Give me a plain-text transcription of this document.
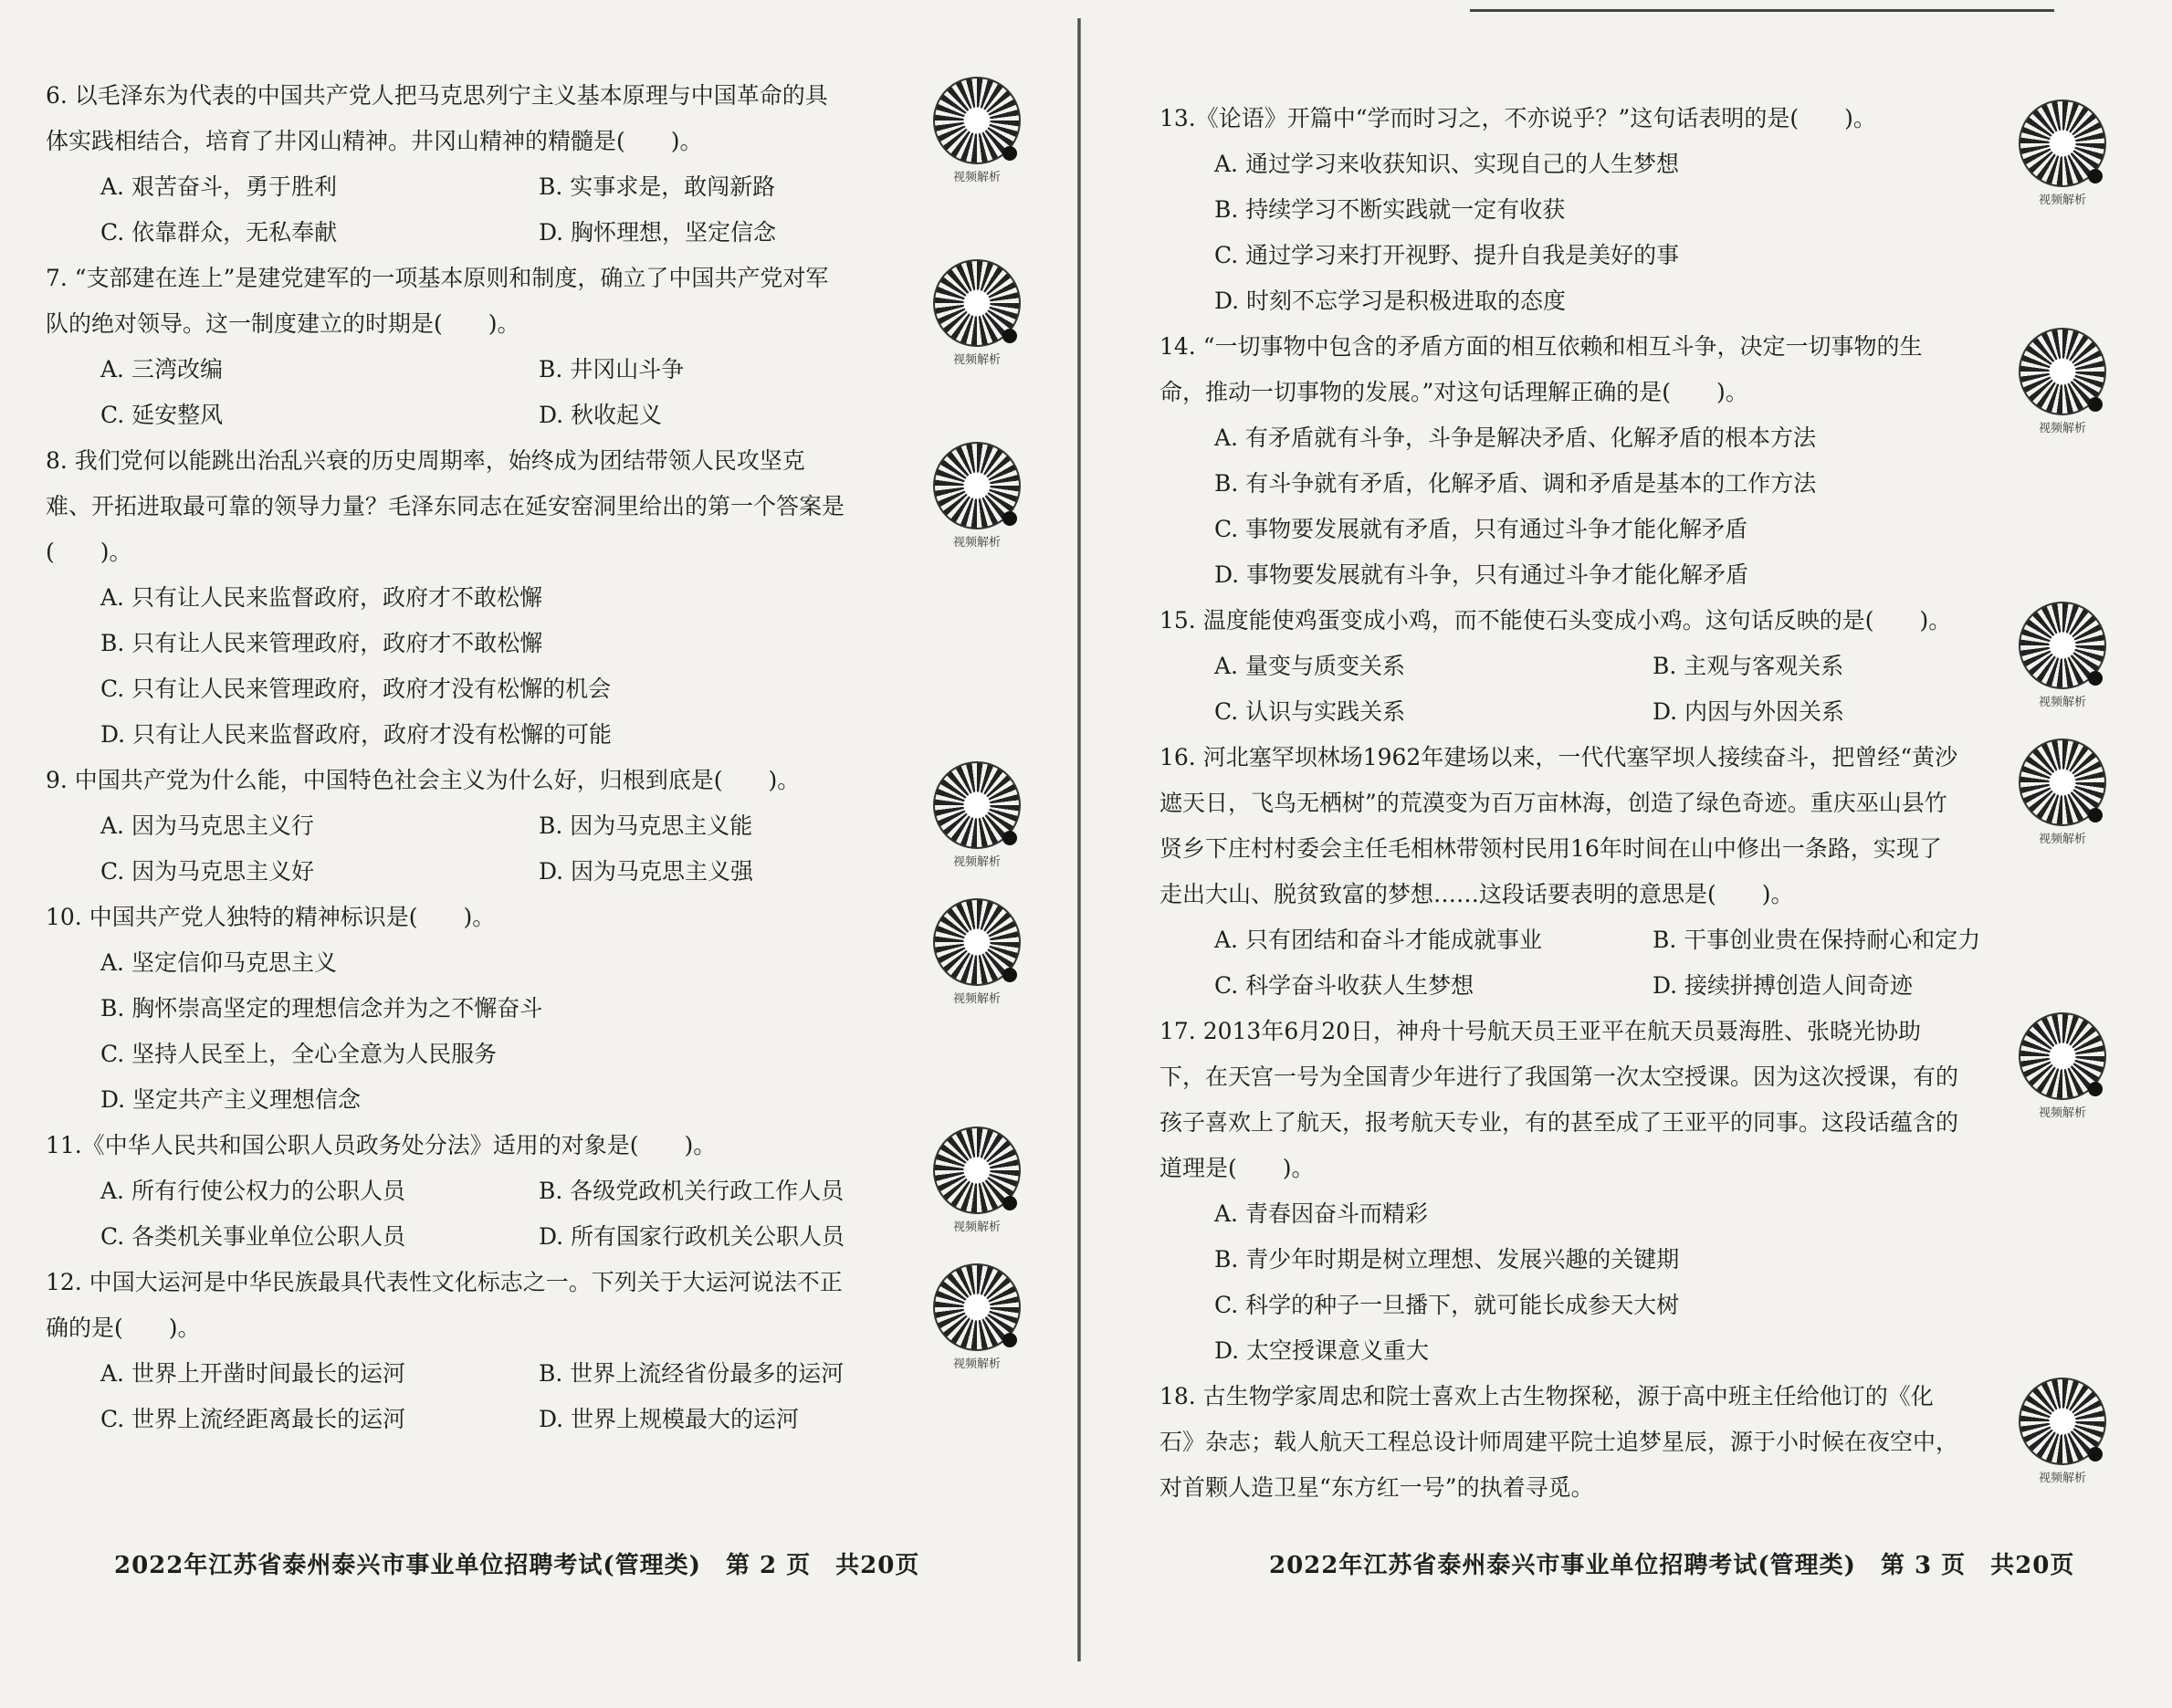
6. 以毛泽东为代表的中国共产党人把马克思列宁主义基本原理与中国革命的具体实践相结合，培育了井冈山精神。井冈山精神的精髓是(　　)。

视频解析
A. 艰苦奋斗，勇于胜利	B. 实事求是，敢闯新路
C. 依靠群众，无私奉献	D. 胸怀理想，坚定信念

7. “支部建在连上”是建党建军的一项基本原则和制度，确立了中国共产党对军队的绝对领导。这一制度建立的时期是(　　)。

视频解析
A. 三湾改编	B. 井冈山斗争
C. 延安整风	D. 秋收起义

8. 我们党何以能跳出治乱兴衰的历史周期率，始终成为团结带领人民攻坚克难、开拓进取最可靠的领导力量？毛泽东同志在延安窑洞里给出的第一个答案是(　　)。	视频解析
A. 只有让人民来监督政府，政府才不敢松懈
B. 只有让人民来管理政府，政府才不敢松懈
C. 只有让人民来管理政府，政府才没有松懈的机会
D. 只有让人民来监督政府，政府才没有松懈的可能

9. 中国共产党为什么能，中国特色社会主义为什么好，归根到底是(　　)。

视频解析
A. 因为马克思主义行	B. 因为马克思主义能
C. 因为马克思主义好	D. 因为马克思主义强

10. 中国共产党人独特的精神标识是(　　)。

视频解析
A. 坚定信仰马克思主义
B. 胸怀崇高坚定的理想信念并为之不懈奋斗
C. 坚持人民至上，全心全意为人民服务
D. 坚定共产主义理想信念

11.《中华人民共和国公职人员政务处分法》适用的对象是(　　)。

视频解析
A. 所有行使公权力的公职人员	B. 各级党政机关行政工作人员
C. 各类机关事业单位公职人员	D. 所有国家行政机关公职人员

12. 中国大运河是中华民族最具代表性文化标志之一。下列关于大运河说法不正确的是(　　)。

视频解析
A. 世界上开凿时间最长的运河	B. 世界上流经省份最多的运河
C. 世界上流经距离最长的运河	D. 世界上规模最大的运河
2022年江苏省泰州泰兴市事业单位招聘考试(管理类)　第 2 页　共20页

13.《论语》开篇中“学而时习之，不亦说乎？”这句话表明的是(　　)。

视频解析
A. 通过学习来收获知识、实现自己的人生梦想
B. 持续学习不断实践就一定有收获
C. 通过学习来打开视野、提升自我是美好的事
D. 时刻不忘学习是积极进取的态度

14. “一切事物中包含的矛盾方面的相互依赖和相互斗争，决定一切事物的生命，推动一切事物的发展。”对这句话理解正确的是(　　)。

视频解析
A. 有矛盾就有斗争，斗争是解决矛盾、化解矛盾的根本方法
B. 有斗争就有矛盾，化解矛盾、调和矛盾是基本的工作方法
C. 事物要发展就有矛盾，只有通过斗争才能化解矛盾
D. 事物要发展就有斗争，只有通过斗争才能化解矛盾

15. 温度能使鸡蛋变成小鸡，而不能使石头变成小鸡。这句话反映的是(　　)。

视频解析
A. 量变与质变关系	B. 主观与客观关系
C. 认识与实践关系	D. 内因与外因关系

16. 河北塞罕坝林场1962年建场以来，一代代塞罕坝人接续奋斗，把曾经“黄沙遮天日，飞鸟无栖树”的荒漠变为百万亩林海，创造了绿色奇迹。重庆巫山县竹贤乡下庄村村委会主任毛相林带领村民用16年时间在山中修出一条路，实现了走出大山、脱贫致富的梦想……这段话要表明的意思是(　　)。

视频解析
A. 只有团结和奋斗才能成就事业	B. 干事创业贵在保持耐心和定力
C. 科学奋斗收获人生梦想	D. 接续拼搏创造人间奇迹

17. 2013年6月20日，神舟十号航天员王亚平在航天员聂海胜、张晓光协助下，在天宫一号为全国青少年进行了我国第一次太空授课。因为这次授课，有的孩子喜欢上了航天，报考航天专业，有的甚至成了王亚平的同事。这段话蕴含的道理是(　　)。

视频解析
A. 青春因奋斗而精彩
B. 青少年时期是树立理想、发展兴趣的关键期
C. 科学的种子一旦播下，就可能长成参天大树
D. 太空授课意义重大

18. 古生物学家周忠和院士喜欢上古生物探秘，源于高中班主任给他订的《化石》杂志；载人航天工程总设计师周建平院士追梦星辰，源于小时候在夜空中，对首颗人造卫星“东方红一号”的执着寻觅。	视频解析
2022年江苏省泰州泰兴市事业单位招聘考试(管理类)　第 3 页　共20页
